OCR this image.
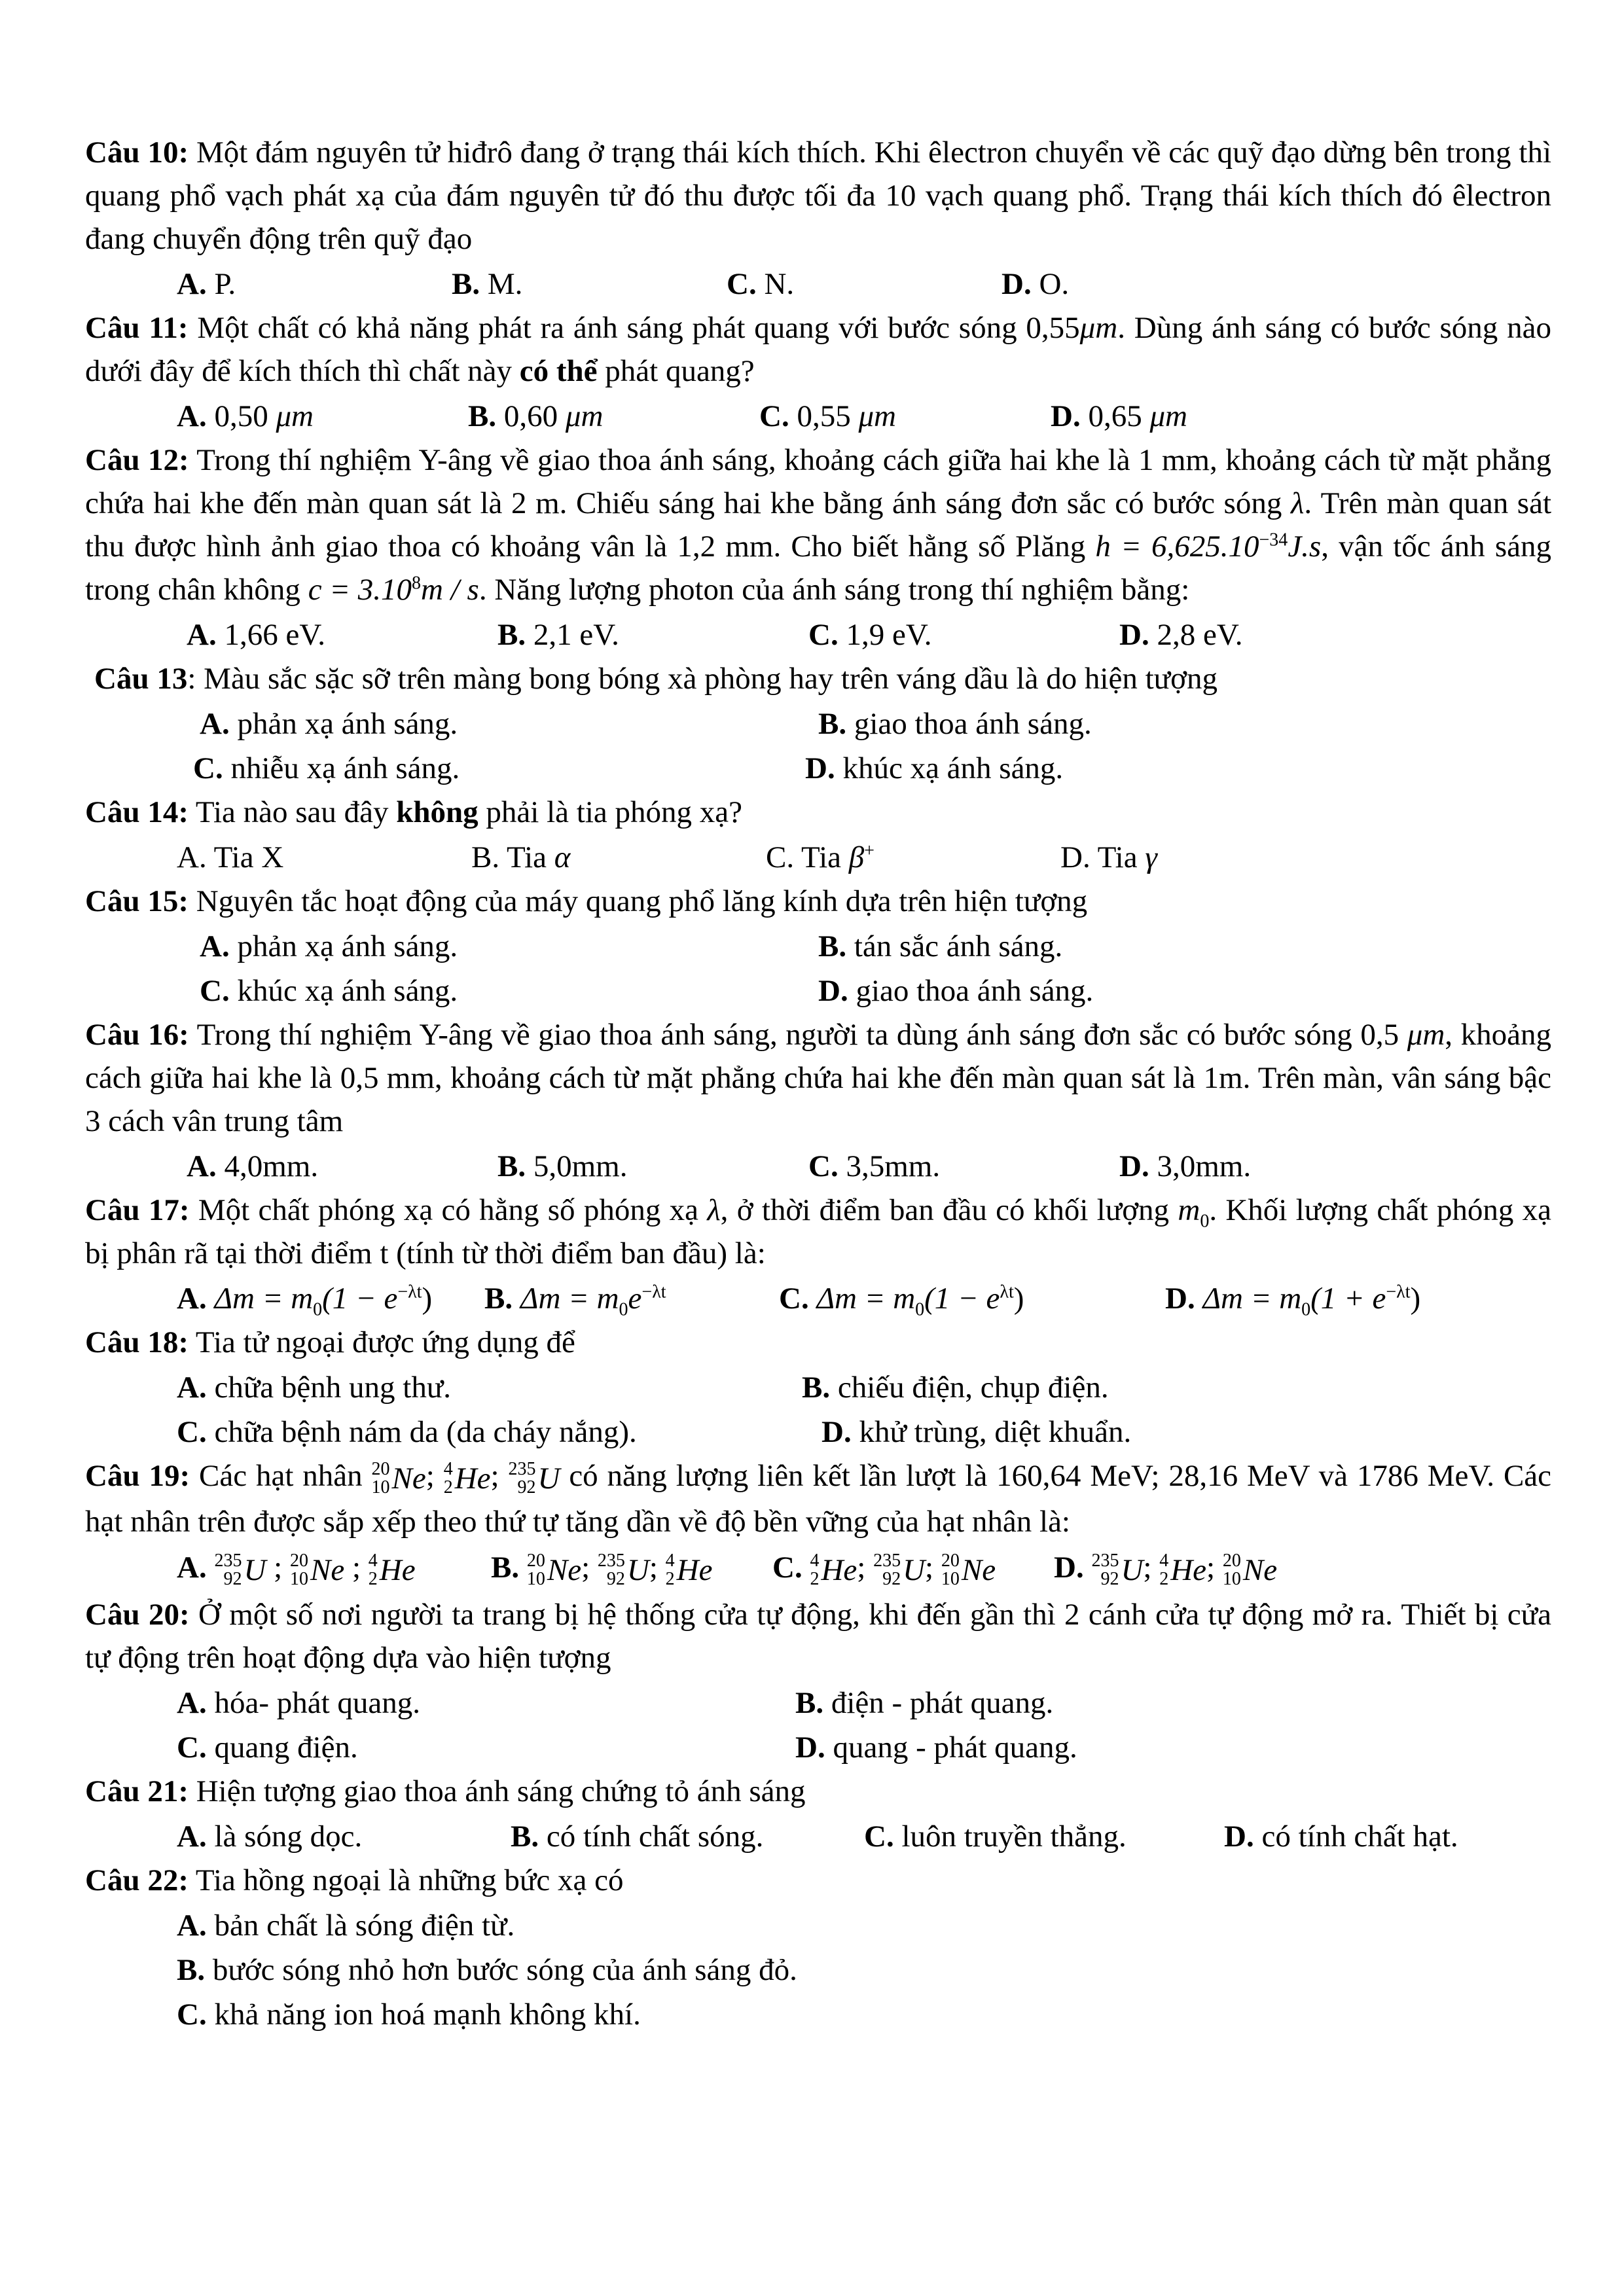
Câu 10: Một đám nguyên tử hiđrô đang ở trạng thái kích thích. Khi êlectron chuyển về các quỹ đạo dừng bên trong thì quang phổ vạch phát xạ của đám nguyên tử đó thu được tối đa 10 vạch quang phổ. Trạng thái kích thích đó êlectron đang chuyển động trên quỹ đạo
A. P.	B. M.	C. N.	D. O.
Câu 11: Một chất có khả năng phát ra ánh sáng phát quang với bước sóng 0,55μm. Dùng ánh sáng có bước sóng nào dưới đây để kích thích thì chất này có thể phát quang?
A. 0,50 μm	B. 0,60 μm	C. 0,55 μm	D. 0,65 μm
Câu 12: Trong thí nghiệm Y-âng về giao thoa ánh sáng, khoảng cách giữa hai khe là 1 mm, khoảng cách từ mặt phẳng chứa hai khe đến màn quan sát là 2 m. Chiếu sáng hai khe bằng ánh sáng đơn sắc có bước sóng λ. Trên màn quan sát thu được hình ảnh giao thoa có khoảng vân là 1,2 mm. Cho biết hằng số Plăng $h = 6,625.10^{-34}J.s$, vận tốc ánh sáng trong chân không $c = 3.10^8m / s$. Năng lượng photon của ánh sáng trong thí nghiệm bằng:
A. 1,66 eV.	B. 2,1 eV.	C. 1,9 eV.	D. 2,8 eV.
Câu 13: Màu sắc sặc sỡ trên màng bong bóng xà phòng hay trên váng dầu là do hiện tượng
A. phản xạ ánh sáng.	B. giao thoa ánh sáng.
C. nhiễu xạ ánh sáng.	D. khúc xạ ánh sáng.
Câu 14: Tia nào sau đây không phải là tia phóng xạ?
A. Tia X	B. Tia α	C. Tia β+	D. Tia γ
Câu 15: Nguyên tắc hoạt động của máy quang phổ lăng kính dựa trên hiện tượng
A. phản xạ ánh sáng.	B. tán sắc ánh sáng.
C. khúc xạ ánh sáng.	D. giao thoa ánh sáng.
Câu 16: Trong thí nghiệm Y-âng về giao thoa ánh sáng, người ta dùng ánh sáng đơn sắc có bước sóng 0,5 μm, khoảng cách giữa hai khe là 0,5 mm, khoảng cách từ mặt phẳng chứa hai khe đến màn quan sát là 1m. Trên màn, vân sáng bậc 3 cách vân trung tâm
A. 4,0mm.	B. 5,0mm.	C. 3,5mm.	D. 3,0mm.
Câu 17: Một chất phóng xạ có hằng số phóng xạ λ, ở thời điểm ban đầu có khối lượng $m_0$. Khối lượng chất phóng xạ bị phân rã tại thời điểm t (tính từ thời điểm ban đầu) là:
A. $\Delta m = m_0(1 - e^{-\lambda t})$	B. $\Delta m = m_0e^{-\lambda t}$	C. $\Delta m = m_0(1 - e^{\lambda t})$	D. $\Delta m = m_0(1 + e^{-\lambda t})$
Câu 18: Tia tử ngoại được ứng dụng để
A. chữa bệnh ung thư.	B. chiếu điện, chụp điện.
C. chữa bệnh nám da (da cháy nắng).	D. khử trùng, diệt khuẩn.
Câu 19: Các hạt nhân 20
10 Ne ; 4
2 He ; 235
92 U có năng lượng liên kết lần lượt là 160,64 MeV; 28,16 MeV và 1786 MeV. Các hạt nhân trên được sắp xếp theo thứ tự tăng dần về độ bền vững của hạt nhân là:
A. 235
92 U ; 20
10 Ne ; 4
2 He B. 20
10 Ne ; 235
92 U ; 4
2 He C. 4
2 He ; 235
92 U ; 20
10 Ne D. 235
92 U ; 4
2 He ; 20
10 Ne
Câu 20: Ở một số nơi người ta trang bị hệ thống cửa tự động, khi đến gần thì 2 cánh cửa tự động mở ra. Thiết bị cửa tự động trên hoạt động dựa vào hiện tượng
A. hóa- phát quang.	B. điện - phát quang.
C. quang điện.	D. quang - phát quang.
Câu 21: Hiện tượng giao thoa ánh sáng chứng tỏ ánh sáng
A. là sóng dọc.	B. có tính chất sóng.	C. luôn truyền thẳng.	D. có tính chất hạt.
Câu 22: Tia hồng ngoại là những bức xạ có
A. bản chất là sóng điện từ.
B. bước sóng nhỏ hơn bước sóng của ánh sáng đỏ.
C. khả năng ion hoá mạnh không khí.
